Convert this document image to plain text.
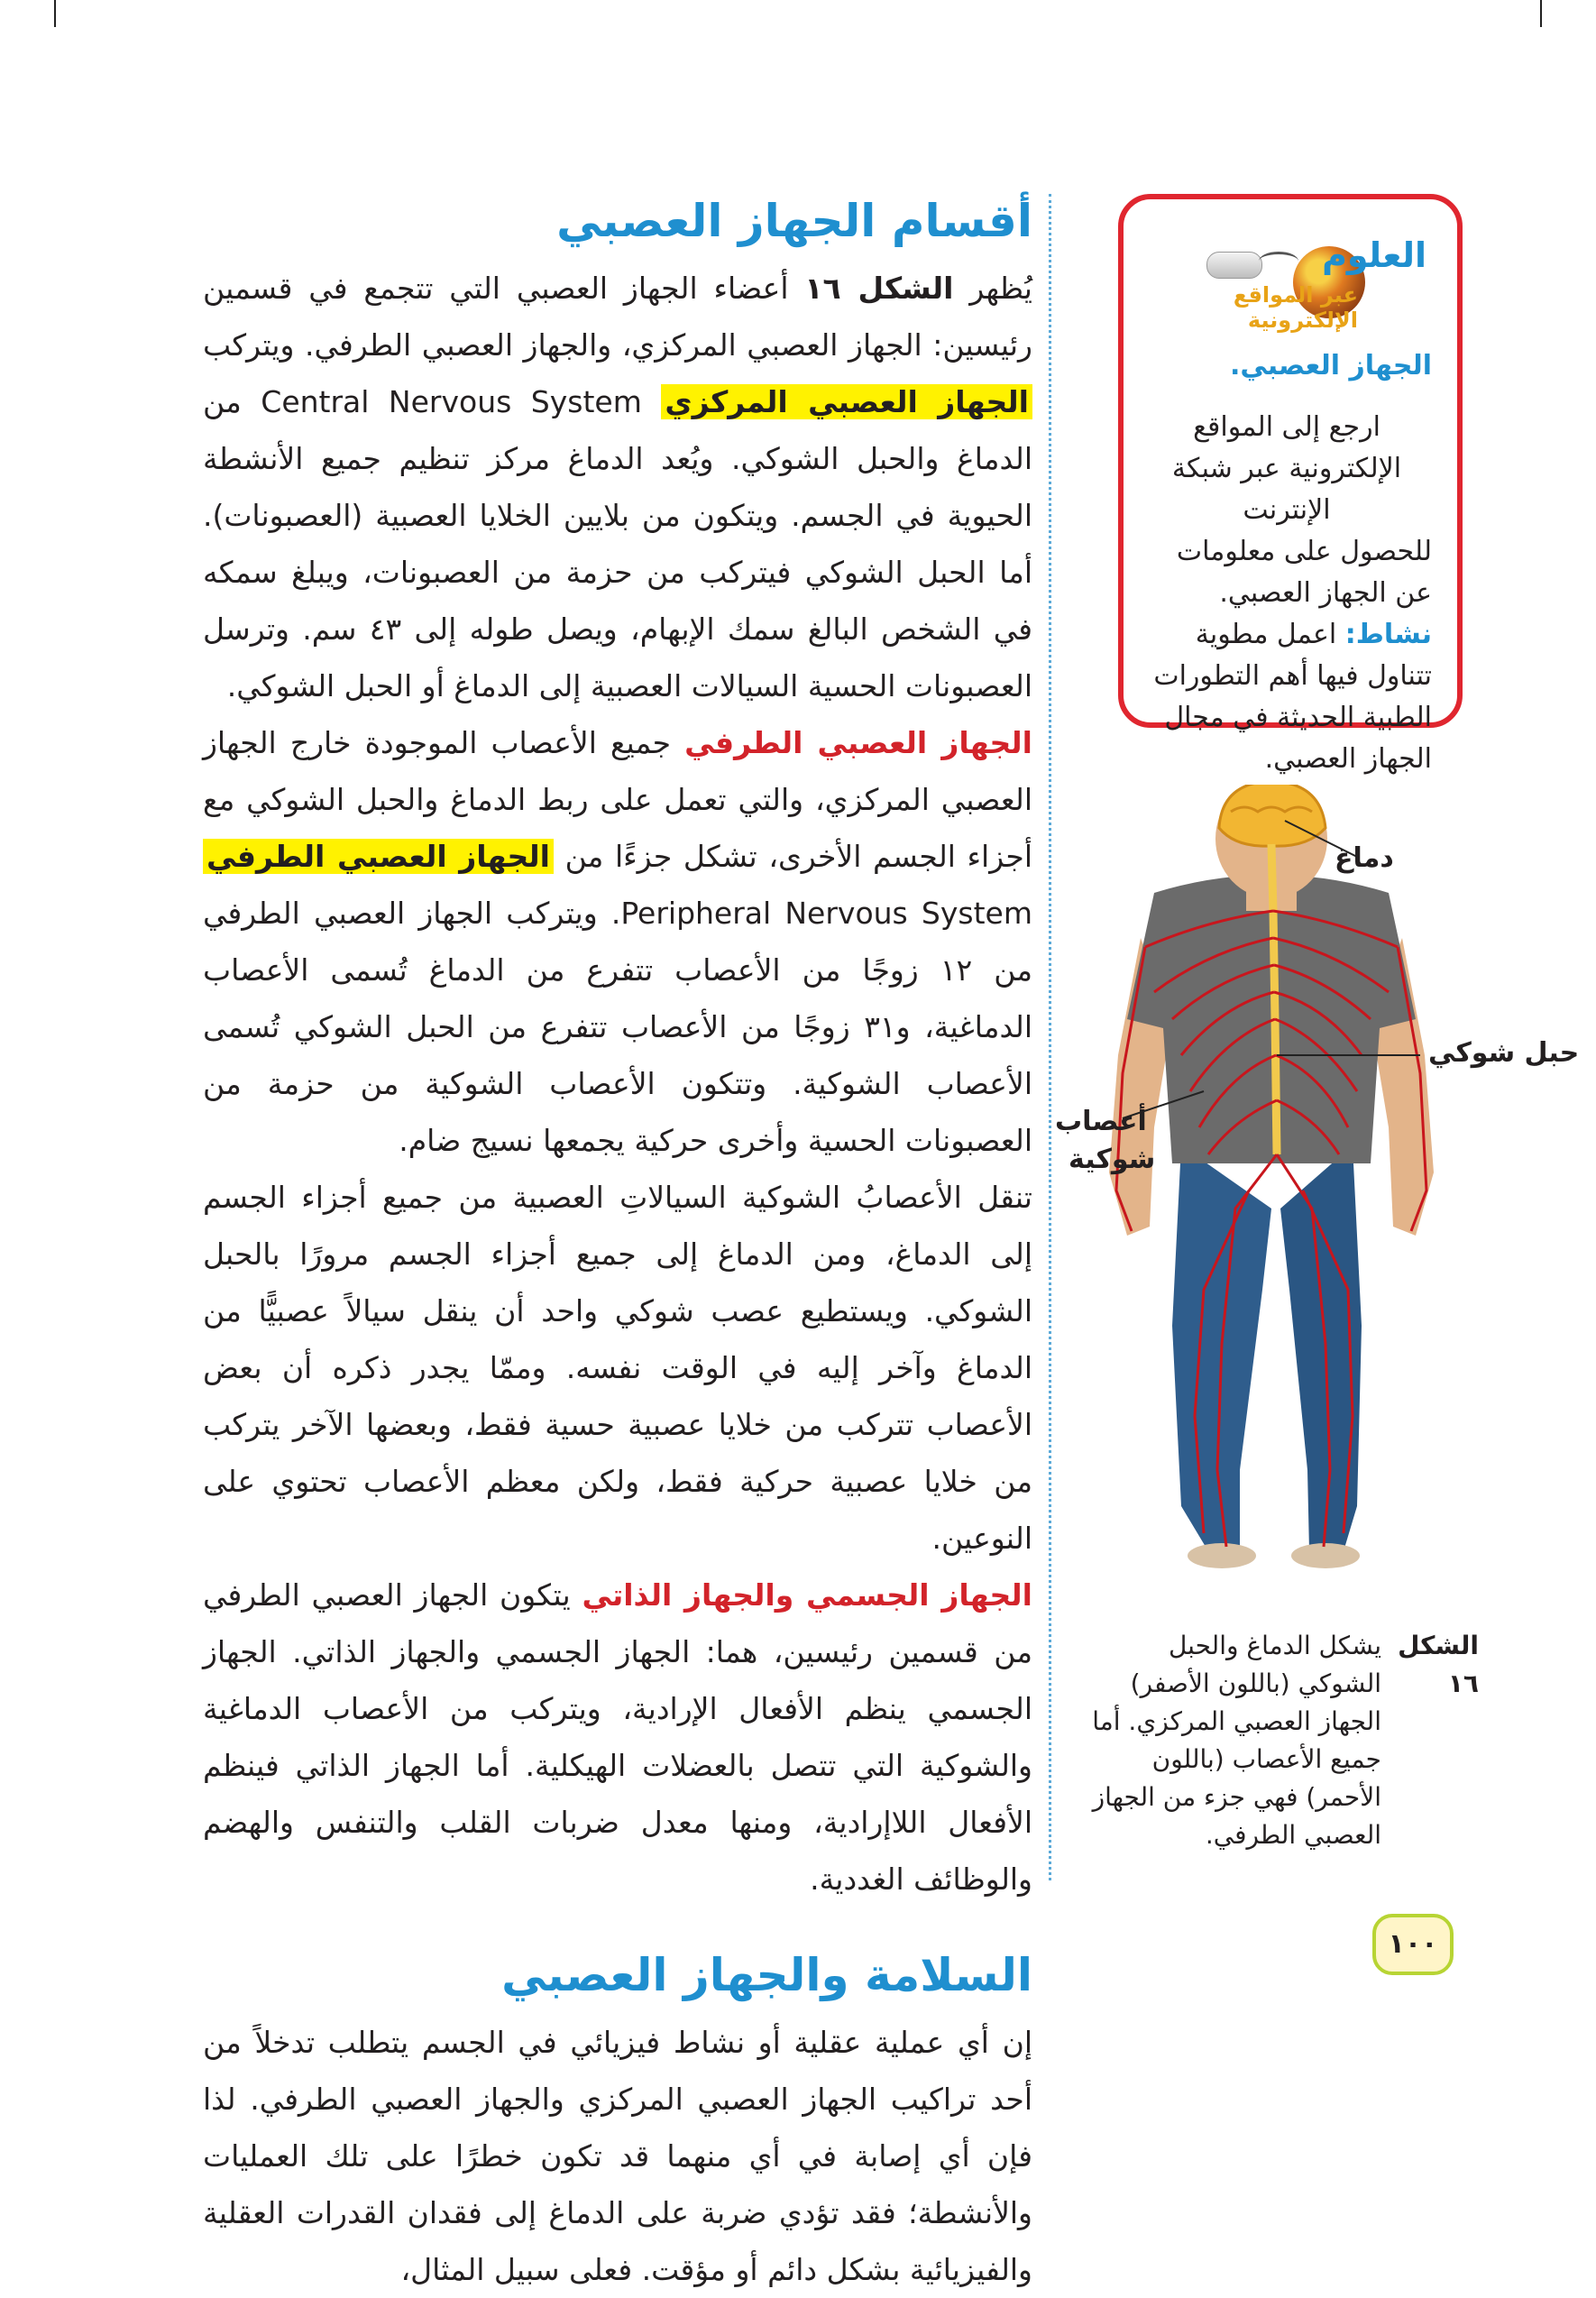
أقسام الجهاز العصبي

يُظهر الشكل ١٦ أعضاء الجهاز العصبي التي تتجمع في قسمين رئيسين: الجهاز العصبي المركزي، والجهاز العصبي الطرفي. ويتركب الجهاز العصبي المركزي Central Nervous System من الدماغ والحبل الشوكي. ويُعد الدماغ مركز تنظيم جميع الأنشطة الحيوية في الجسم. ويتكون من بلايين الخلايا العصبية (العصبونات). أما الحبل الشوكي فيتركب من حزمة من العصبونات، ويبلغ سمكه في الشخص البالغ سمك الإبهام، ويصل طوله إلى ٤٣ سم. وترسل العصبونات الحسية السيالات العصبية إلى الدماغ أو الحبل الشوكي.

الجهاز العصبي الطرفي جميع الأعصاب الموجودة خارج الجهاز العصبي المركزي، والتي تعمل على ربط الدماغ والحبل الشوكي مع أجزاء الجسم الأخرى، تشكل جزءًا من الجهاز العصبي الطرفي Peripheral Nervous System. ويتركب الجهاز العصبي الطرفي من ١٢ زوجًا من الأعصاب تتفرع من الدماغ تُسمى الأعصاب الدماغية، و٣١ زوجًا من الأعصاب تتفرع من الحبل الشوكي تُسمى الأعصاب الشوكية. وتتكون الأعصاب الشوكية من حزمة من العصبونات الحسية وأخرى حركية يجمعها نسيج ضام.

تنقل الأعصابُ الشوكية السيالاتِ العصبية من جميع أجزاء الجسم إلى الدماغ، ومن الدماغ إلى جميع أجزاء الجسم مرورًا بالحبل الشوكي. ويستطيع عصب شوكي واحد أن ينقل سيالاً عصبيًّا من الدماغ وآخر إليه في الوقت نفسه. وممّا يجدر ذكره أن بعض الأعصاب تتركب من خلايا عصبية حسية فقط، وبعضها الآخر يتركب من خلايا عصبية حركية فقط، ولكن معظم الأعصاب تحتوي على النوعين.

الجهاز الجسمي والجهاز الذاتي يتكون الجهاز العصبي الطرفي من قسمين رئيسين، هما: الجهاز الجسمي والجهاز الذاتي. الجهاز الجسمي ينظم الأفعال الإرادية، ويتركب من الأعصاب الدماغية والشوكية التي تتصل بالعضلات الهيكلية. أما الجهاز الذاتي فينظم الأفعال اللاإرادية، ومنها معدل ضربات القلب والتنفس والهضم والوظائف الغددية.

السلامة والجهاز العصبي

إن أي عملية عقلية أو نشاط فيزيائي في الجسم يتطلب تدخلاً من أحد تراكيب الجهاز العصبي المركزي والجهاز العصبي الطرفي. لذا فإن أي إصابة في أي منهما قد تكون خطرًا على تلك العمليات والأنشطة؛ فقد تؤدي ضربة على الدماغ إلى فقدان القدرات العقلية والفيزيائية بشكل دائم أو مؤقت. فعلى سبيل المثال،

العلوم
عبر المواقع الإلكترونية

الجهاز العصبي.

ارجع إلى المواقع الإلكترونية عبر شبكة الإنترنت

للحصول على معلومات عن الجهاز العصبي.

نشاط: اعمل مطوية تتناول فيها أهم التطورات الطبية الحديثة في مجال الجهاز العصبي.

دماغ
حبل شوكي
أعصاب
شوكية
الشكل ١٦
يشكل الدماغ والحبل الشوكي (باللون الأصفر) الجهاز العصبي المركزي. أما جميع الأعصاب (باللون الأحمر) فهي جزء من الجهاز العصبي الطرفي.
١٠٠
